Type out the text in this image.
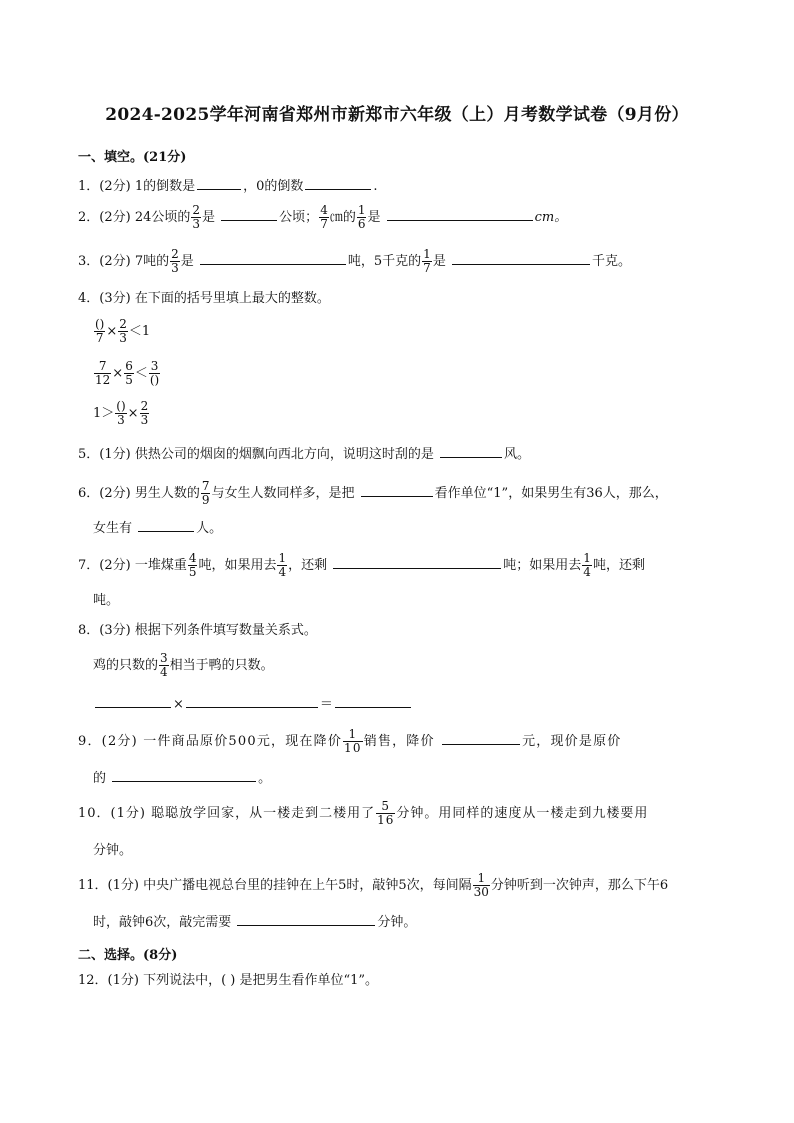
2024-2025学年河南省郑州市新郑市六年级（上）月考数学试卷（9月份）
一、填空。(21分)
1．(2分) 1的倒数是	，0的倒数	.
2．(2分) 24公顷的 $\frac{2}{3}$ 是	公顷； $\frac{4}{7}$ ㎝的 $\frac{1}{6}$ 是	cm。
3．(2分) 7吨的 $\frac{2}{3}$ 是	吨，5千克的 $\frac{1}{7}$ 是	千克。
4．(3分) 在下面的括号里填上最大的整数。
$\frac{()}{7} \times \frac{2}{3} <1$
$\frac{7}{12} \times \frac{6}{5} < \frac{3}{()}$
$1> \frac{()}{3} \times \frac{2}{3}$
5．(1分) 供热公司的烟囱的烟飘向西北方向，说明这时刮的是	风。
6．(2分) 男生人数的 $\frac{7}{9}$ 与女生人数同样多，是把	看作单位“1”，如果男生有36人，那么，
女生有	人。
7．(2分) 一堆煤重 $\frac{4}{5}$ 吨，如果用去 $\frac{1}{4}$ ，还剩	吨；如果用去 $\frac{1}{4}$ 吨，还剩
吨。
8．(3分) 根据下列条件填写数量关系式。
鸡的只数的 $\frac{3}{4}$ 相当于鸭的只数。
×	＝
9．(2分) 一件商品原价500元，现在降价 $\frac{1}{10}$ 销售，降价	元，现价是原价
的	。
10．(1分) 聪聪放学回家，从一楼走到二楼用了 $\frac{5}{16}$ 分钟。用同样的速度从一楼走到九楼要用
分钟。
11．(1分) 中央广播电视总台里的挂钟在上午5时，敲钟5次，每间隔 $\frac{1}{30}$ 分钟听到一次钟声，那么下午6
时，敲钟6次，敲完需要	分钟。
二、选择。(8分)
12．(1分) 下列说法中，( ) 是把男生看作单位“1”。
